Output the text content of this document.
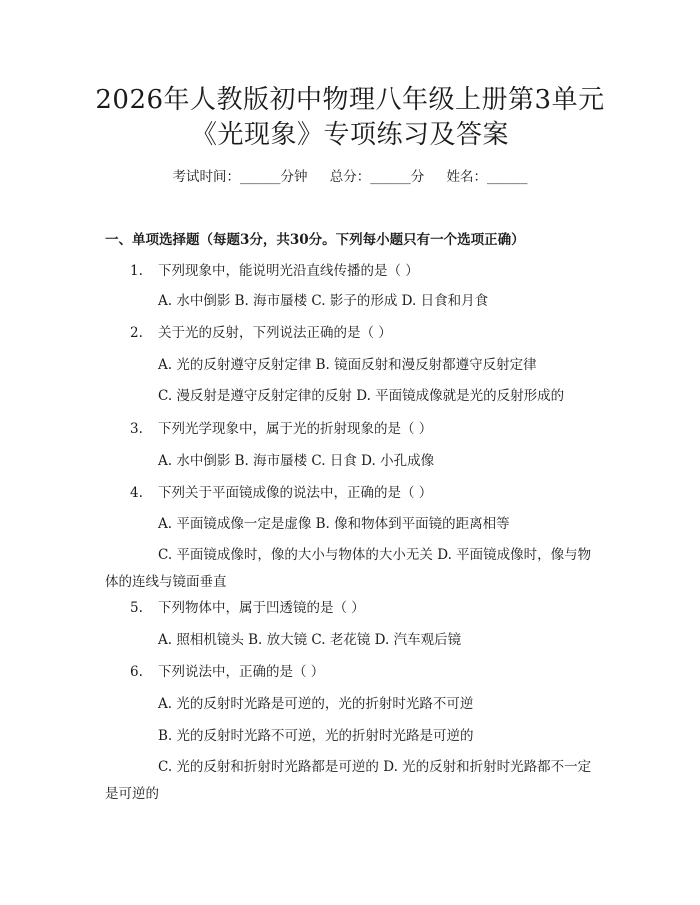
2026年人教版初中物理八年级上册第3单元
《光现象》专项练习及答案
考试时间：______分钟 总分：______分 姓名：______
一、单项选择题（每题3分，共30分。下列每小题只有一个选项正确）
1. 下列现象中，能说明光沿直线传播的是（ ）
A. 水中倒影 B. 海市蜃楼 C. 影子的形成 D. 日食和月食
2. 关于光的反射，下列说法正确的是（ ）
A. 光的反射遵守反射定律 B. 镜面反射和漫反射都遵守反射定律
C. 漫反射是遵守反射定律的反射 D. 平面镜成像就是光的反射形成的
3. 下列光学现象中，属于光的折射现象的是（ ）
A. 水中倒影 B. 海市蜃楼 C. 日食 D. 小孔成像
4. 下列关于平面镜成像的说法中，正确的是（ ）
A. 平面镜成像一定是虚像 B. 像和物体到平面镜的距离相等
C. 平面镜成像时，像的大小与物体的大小无关 D. 平面镜成像时，像与物体的连线与镜面垂直
5. 下列物体中，属于凹透镜的是（ ）
A. 照相机镜头 B. 放大镜 C. 老花镜 D. 汽车观后镜
6. 下列说法中，正确的是（ ）
A. 光的反射时光路是可逆的，光的折射时光路不可逆
B. 光的反射时光路不可逆，光的折射时光路是可逆的
C. 光的反射和折射时光路都是可逆的 D. 光的反射和折射时光路都不一定是可逆的
